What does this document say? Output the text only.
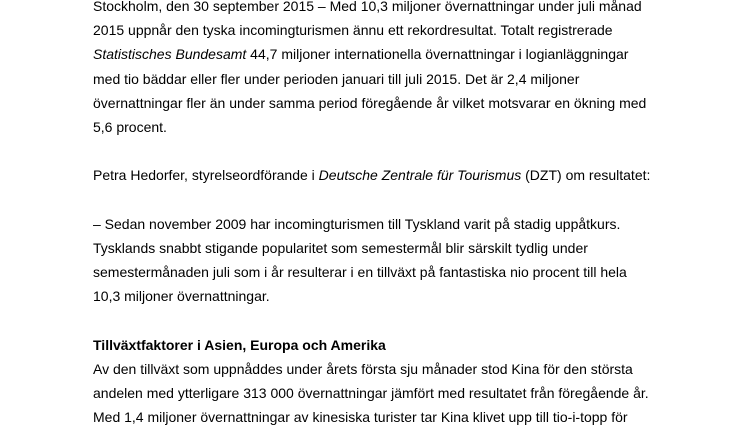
Stockholm, den 30 september 2015 – Med 10,3 miljoner övernattningar under juli månad
2015 uppnår den tyska incomingturismen ännu ett rekordresultat. Totalt registrerade
Statistisches Bundesamt 44,7 miljoner internationella övernattningar i logianläggningar
med tio bäddar eller fler under perioden januari till juli 2015. Det är 2,4 miljoner
övernattningar fler än under samma period föregående år vilket motsvarar en ökning med
5,6 procent.
Petra Hedorfer, styrelseordförande i Deutsche Zentrale für Tourismus (DZT) om resultatet:
– Sedan november 2009 har incomingturismen till Tyskland varit på stadig uppåtkurs.
Tysklands snabbt stigande popularitet som semestermål blir särskilt tydlig under
semestermånaden juli som i år resulterar i en tillväxt på fantastiska nio procent till hela
10,3 miljoner övernattningar.
Tillväxtfaktorer i Asien, Europa och Amerika
Av den tillväxt som uppnåddes under årets första sju månader stod Kina för den största
andelen med ytterligare 313 000 övernattningar jämfört med resultatet från föregående år.
Med 1,4 miljoner övernattningar av kinesiska turister tar Kina klivet upp till tio-i-topp för
